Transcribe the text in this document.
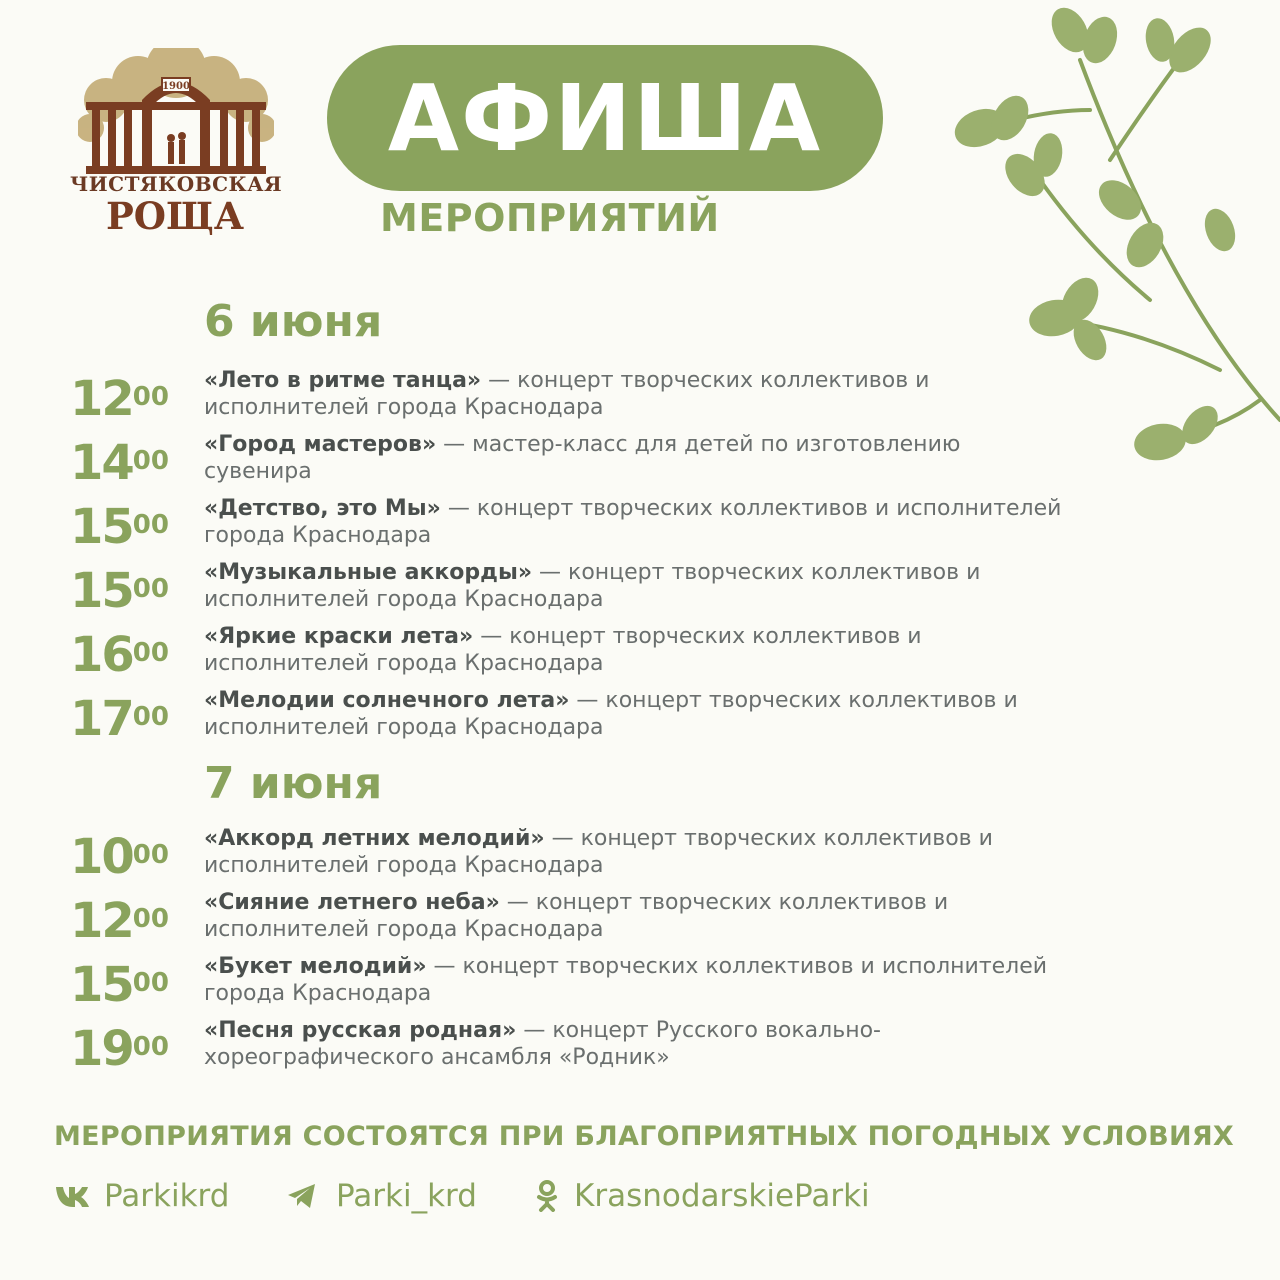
1900
ЧИСТЯКОВСКАЯ
РОЩА
АФИША
МЕРОПРИЯТИЙ
6 июня
$12^{00}$
«Лето в ритме танца» — концерт творческих коллективов и
исполнителей города Краснодара
$14^{00}$
«Город мастеров» — мастер-класс для детей по изготовлению
сувенира
$15^{00}$
«Детство, это Мы» — концерт творческих коллективов и исполнителей
города Краснодара
$15^{00}$
«Музыкальные аккорды» — концерт творческих коллективов и
исполнителей города Краснодара
$16^{00}$
«Яркие краски лета» — концерт творческих коллективов и
исполнителей города Краснодара
$17^{00}$
«Мелодии солнечного лета» — концерт творческих коллективов и
исполнителей города Краснодара
7 июня
$10^{00}$
«Аккорд летних мелодий» — концерт творческих коллективов и
исполнителей города Краснодара
$12^{00}$
«Сияние летнего неба» — концерт творческих коллективов и
исполнителей города Краснодара
$15^{00}$
«Букет мелодий» — концерт творческих коллективов и исполнителей
города Краснодара
$19^{00}$
«Песня русская родная» — концерт Русского вокально-
хореографического ансамбля «Родник»
МЕРОПРИЯТИЯ СОСТОЯТСЯ ПРИ БЛАГОПРИЯТНЫХ ПОГОДНЫХ УСЛОВИЯХ
Parkikrd	Parki_krd	KrasnodarskieParki
